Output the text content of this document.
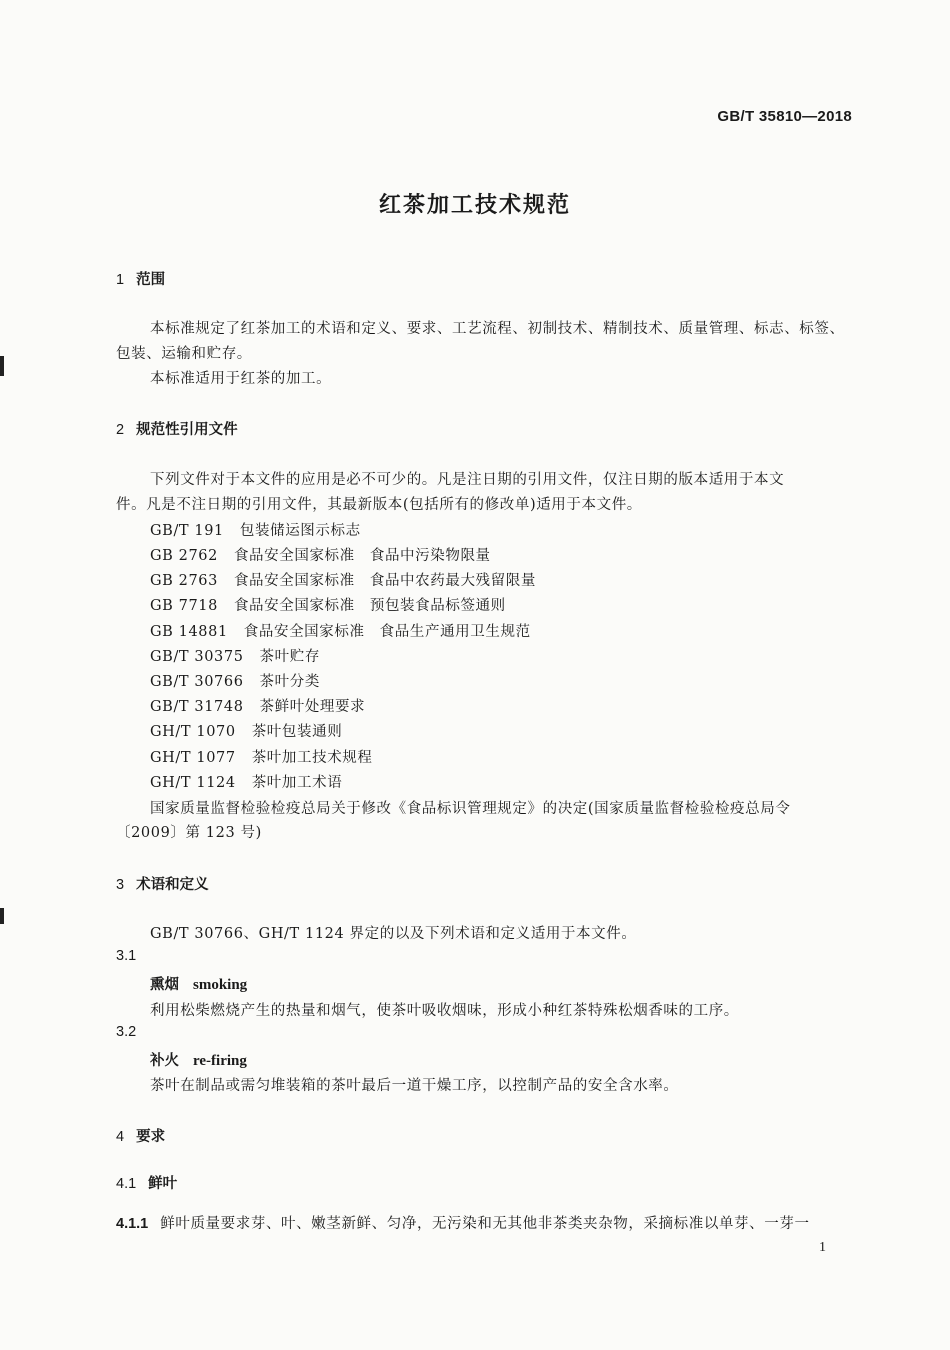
GB/T 35810—2018
红茶加工技术规范
1 范围
本标准规定了红茶加工的术语和定义、要求、工艺流程、初制技术、精制技术、质量管理、标志、标签、
包装、运输和贮存。
本标准适用于红茶的加工。
2 规范性引用文件
下列文件对于本文件的应用是必不可少的。凡是注日期的引用文件，仅注日期的版本适用于本文
件。凡是不注日期的引用文件，其最新版本(包括所有的修改单)适用于本文件。
GB/T 191 包装储运图示标志
GB 2762 食品安全国家标准　食品中污染物限量
GB 2763 食品安全国家标准　食品中农药最大残留限量
GB 7718 食品安全国家标准　预包装食品标签通则
GB 14881 食品安全国家标准　食品生产通用卫生规范
GB/T 30375 茶叶贮存
GB/T 30766 茶叶分类
GB/T 31748 茶鲜叶处理要求
GH/T 1070 茶叶包装通则
GH/T 1077 茶叶加工技术规程
GH/T 1124 茶叶加工术语
国家质量监督检验检疫总局关于修改《食品标识管理规定》的决定(国家质量监督检验检疫总局令
〔2009〕第 123 号)
3 术语和定义
GB/T 30766、GH/T 1124 界定的以及下列术语和定义适用于本文件。
3.1
熏烟 smoking
利用松柴燃烧产生的热量和烟气，使茶叶吸收烟味，形成小种红茶特殊松烟香味的工序。
3.2
补火 re-firing
茶叶在制品或需匀堆装箱的茶叶最后一道干燥工序，以控制产品的安全含水率。
4 要求
4.1 鲜叶
4.1.1 鲜叶质量要求芽、叶、嫩茎新鲜、匀净，无污染和无其他非茶类夹杂物，采摘标准以单芽、一芽一
1
